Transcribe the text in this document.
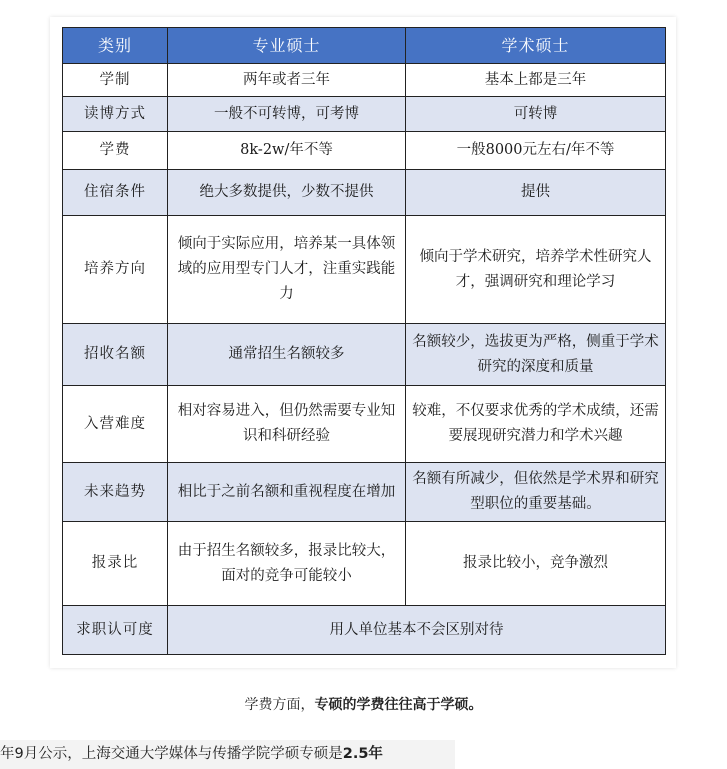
类别	专业硕士	学术硕士
学制	两年或者三年	基本上都是三年
读博方式	一般不可转博，可考博	可转博
学费	8k-2w/年不等	一般8000元左右/年不等
住宿条件	绝大多数提供，少数不提供	提供
培养方向	倾向于实际应用，培养某一具体领域的应用型专门人才，注重实践能力	倾向于学术研究，培养学术性研究人才，强调研究和理论学习
招收名额	通常招生名额较多	名额较少，选拔更为严格，侧重于学术研究的深度和质量
入营难度	相对容易进入，但仍然需要专业知识和科研经验	较难，不仅要求优秀的学术成绩，还需要展现研究潜力和学术兴趣
未来趋势	相比于之前名额和重视程度在增加	名额有所减少，但依然是学术界和研究型职位的重要基础。
报录比	由于招生名额较多，报录比较大，面对的竞争可能较小	报录比较小，竞争激烈
求职认可度	用人单位基本不会区别对待	
学费方面，专硕的学费往往高于学硕。
年9月公示，上海交通大学媒体与传播学院学硕专硕是2.5年
